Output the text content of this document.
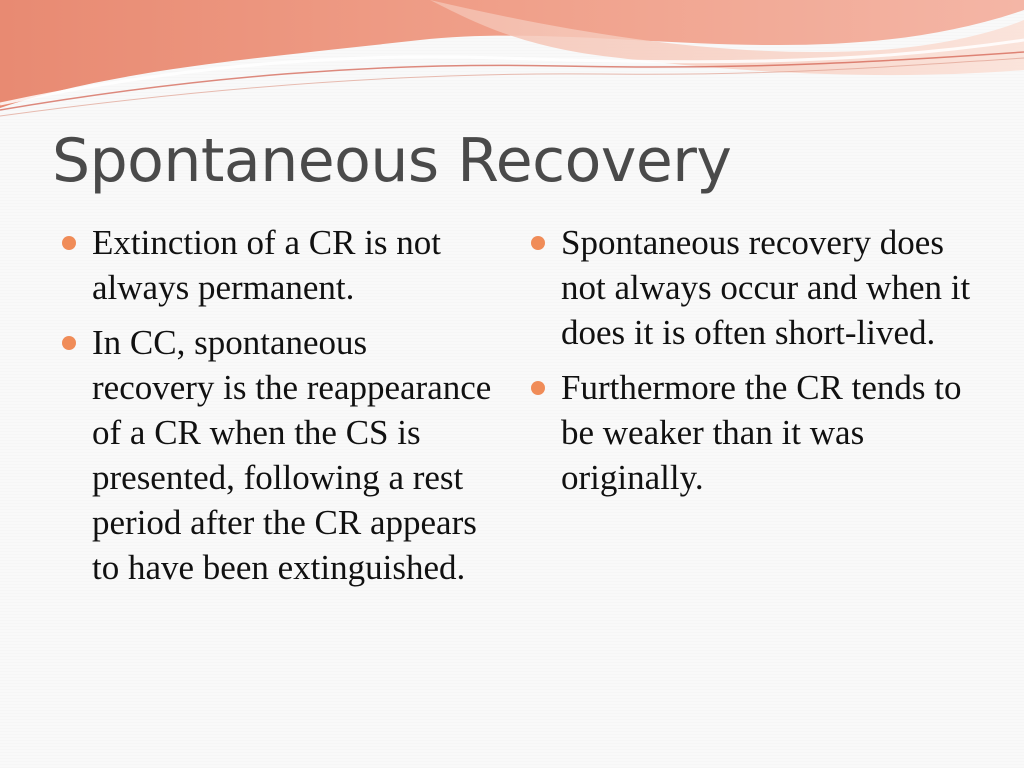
Spontaneous Recovery
Extinction of a CR is not always permanent.
In CC, spontaneous recovery is the reappearance of a CR when the CS is presented, following a rest period after the CR appears to have been extinguished.
Spontaneous recovery does not always occur and when it does it is often short-lived.
Furthermore the CR tends to be weaker than it was originally.
